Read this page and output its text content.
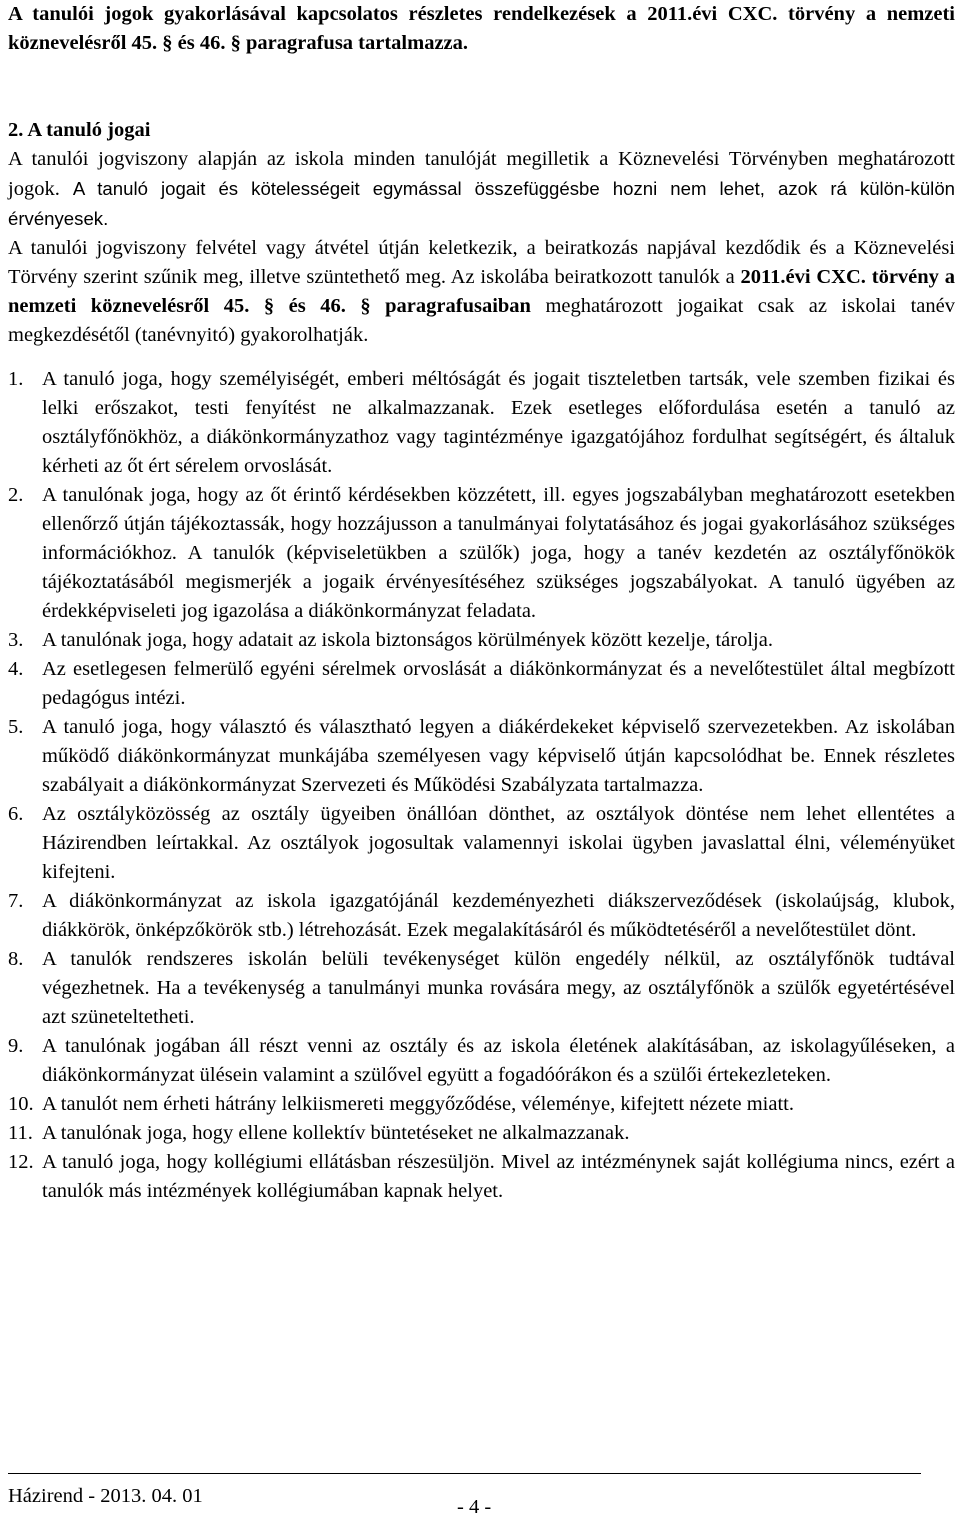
A tanulói jogok gyakorlásával kapcsolatos részletes rendelkezések a 2011.évi CXC. törvény a nemzeti köznevelésről 45. § és 46. § paragrafusa tartalmazza.

2. A tanuló jogai

A tanulói jogviszony alapján az iskola minden tanulóját megilletik a Köznevelési Törvényben meghatározott jogok. A tanuló jogait és kötelességeit egymással összefüggésbe hozni nem lehet, azok rá külön-külön érvényesek.

A tanulói jogviszony felvétel vagy átvétel útján keletkezik, a beiratkozás napjával kezdődik és a Köznevelési Törvény szerint szűnik meg, illetve szüntethető meg. Az iskolába beiratkozott tanulók a 2011.évi CXC. törvény a nemzeti köznevelésről 45. § és 46. § paragrafusaiban meghatározott jogaikat csak az iskolai tanév megkezdésétől (tanévnyitó) gyakorolhatják.

1. A tanuló joga, hogy személyiségét, emberi méltóságát és jogait tiszteletben tartsák, vele szemben fizikai és lelki erőszakot, testi fenyítést ne alkalmazzanak. Ezek esetleges előfordulása esetén a tanuló az osztályfőnökhöz, a diákönkormányzathoz vagy tagintézménye igazgatójához fordulhat segítségért, és általuk kérheti az őt ért sérelem orvoslását.
2. A tanulónak joga, hogy az őt érintő kérdésekben közzétett, ill. egyes jogszabályban meghatározott esetekben ellenőrző útján tájékoztassák, hogy hozzájusson a tanulmányai folytatásához és jogai gyakorlásához szükséges információkhoz. A tanulók (képviseletükben a szülők) joga, hogy a tanév kezdetén az osztályfőnökök tájékoztatásából megismerjék a jogaik érvényesítéséhez szükséges jogszabályokat. A tanuló ügyében az érdekképviseleti jog igazolása a diákönkormányzat feladata.
3. A tanulónak joga, hogy adatait az iskola biztonságos körülmények között kezelje, tárolja.
4. Az esetlegesen felmerülő egyéni sérelmek orvoslását a diákönkormányzat és a nevelőtestület által megbízott pedagógus intézi.
5. A tanuló joga, hogy választó és választható legyen a diákérdekeket képviselő szervezetekben. Az iskolában működő diákönkormányzat munkájába személyesen vagy képviselő útján kapcsolódhat be. Ennek részletes szabályait a diákönkormányzat Szervezeti és Működési Szabályzata tartalmazza.
6. Az osztályközösség az osztály ügyeiben önállóan dönthet, az osztályok döntése nem lehet ellentétes a Házirendben leírtakkal. Az osztályok jogosultak valamennyi iskolai ügyben javaslattal élni, véleményüket kifejteni.
7. A diákönkormányzat az iskola igazgatójánál kezdeményezheti diákszerveződések (iskolaújság, klubok, diákkörök, önképzőkörök stb.) létrehozását. Ezek megalakításáról és működtetéséről a nevelőtestület dönt.
8. A tanulók rendszeres iskolán belüli tevékenységet külön engedély nélkül, az osztályfőnök tudtával végezhetnek. Ha a tevékenység a tanulmányi munka rovására megy, az osztályfőnök a szülők egyetértésével azt szüneteltetheti.
9. A tanulónak jogában áll részt venni az osztály és az iskola életének alakításában, az iskolagyűléseken, a diákönkormányzat ülésein valamint a szülővel együtt a fogadóórákon és a szülői értekezleteken.
10. A tanulót nem érheti hátrány lelkiismereti meggyőződése, véleménye, kifejtett nézete miatt.
11. A tanulónak joga, hogy ellene kollektív büntetéseket ne alkalmazzanak.
12. A tanuló joga, hogy kollégiumi ellátásban részesüljön. Mivel az intézménynek saját kollégiuma nincs, ezért a tanulók más intézmények kollégiumában kapnak helyet.
Házirend - 2013. 04. 01	- 4 -
